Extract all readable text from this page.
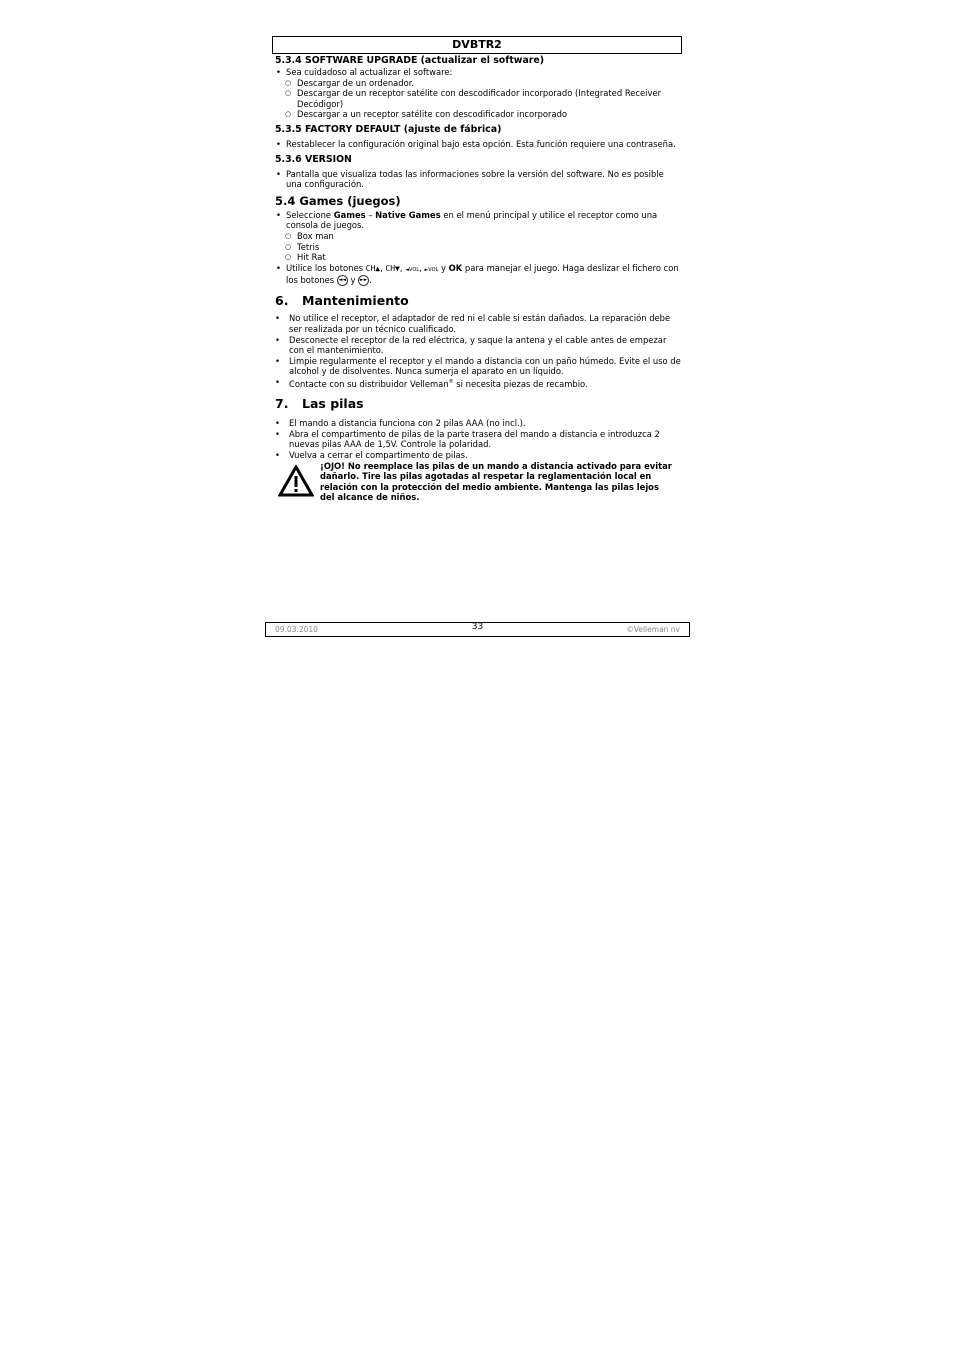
DVBTR2
5.3.4 SOFTWARE UPGRADE (actualizar el software)
• Sea cuidadoso al actualizar el software:
○ Descargar de un ordenador.
○ Descargar de un receptor satélite con descodificador incorporado (Integrated Receiver Decódigor)
○ Descargar a un receptor satélite con descodificador incorporado
5.3.5 FACTORY DEFAULT (ajuste de fábrica)
• Restablecer la configuración original bajo esta opción. Esta función requiere una contraseña.
5.3.6 VERSION
• Pantalla que visualiza todas las informaciones sobre la versión del software. No es posible una configuración.
5.4 Games (juegos)
• Seleccione Games – Native Games en el menú principal y utilice el receptor como una consola de juegos.
○ Box man
○ Tetris
○ Hit Rat
• Utilice los botones CH▲, CH▼, ◄VOL, ►VOL y OK para manejar el juego. Haga deslizar el fichero con los botones ◄◄ y ►► .
6. Mantenimiento
• No utilice el receptor, el adaptador de red ni el cable si están dañados. La reparación debe ser realizada por un técnico cualificado.
• Desconecte el receptor de la red eléctrica, y saque la antena y el cable antes de empezar con el mantenimiento.
• Limpie regularmente el receptor y el mando a distancia con un paño húmedo. Evite el uso de alcohol y de disolventes. Nunca sumerja el aparato en un líquido.
• Contacte con su distribuidor Velleman® si necesita piezas de recambio.
7. Las pilas
• El mando a distancia funciona con 2 pilas AAA (no incl.).
• Abra el compartimento de pilas de la parte trasera del mando a distancia e introduzca 2 nuevas pilas AAA de 1,5V. Controle la polaridad.
• Vuelva a cerrar el compartimento de pilas.
¡OJO! No reemplace las pilas de un mando a distancia activado para evitar dañarlo. Tire las pilas agotadas al respetar la reglamentación local en relación con la protección del medio ambiente. Mantenga las pilas lejos del alcance de niños.
09.03.2010	33	©Velleman nv
